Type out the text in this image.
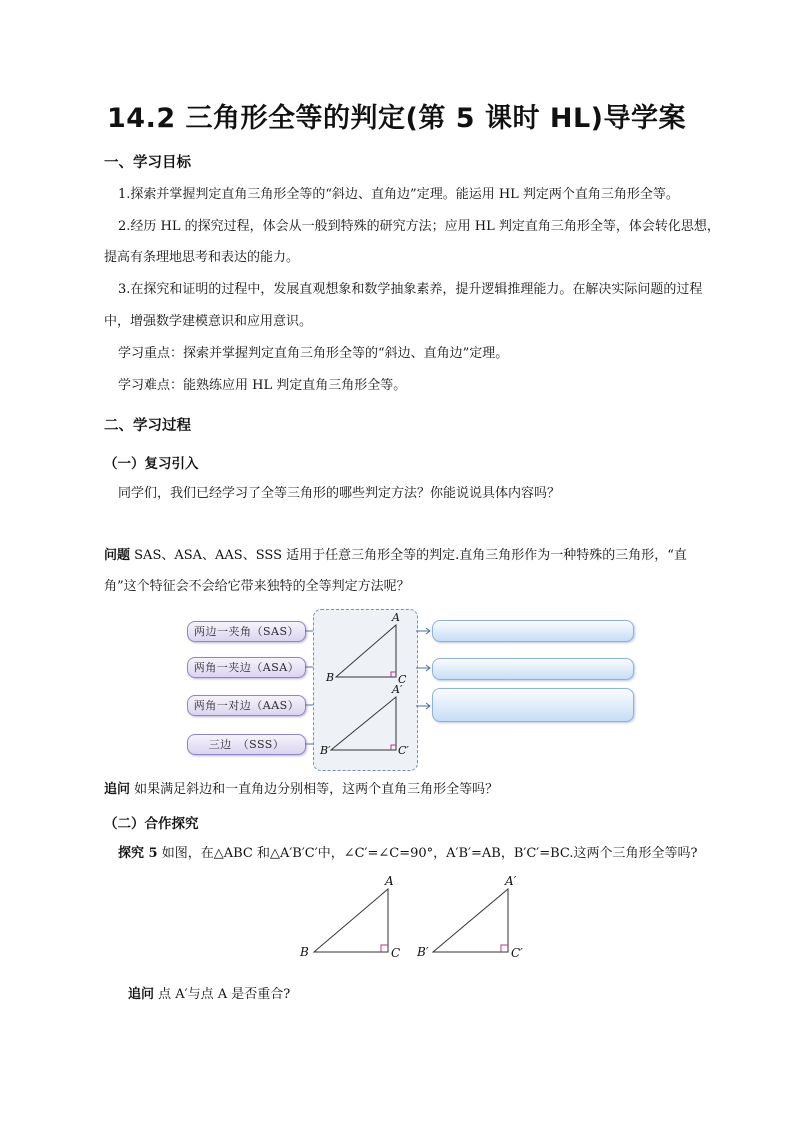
14.2 三角形全等的判定(第 5 课时 HL)导学案
一、学习目标
1.探索并掌握判定直角三角形全等的“斜边、直角边”定理。能运用 HL 判定两个直角三角形全等。
2.经历 HL 的探究过程，体会从一般到特殊的研究方法；应用 HL 判定直角三角形全等，体会转化思想，
提高有条理地思考和表达的能力。
3.在探究和证明的过程中，发展直观想象和数学抽象素养，提升逻辑推理能力。在解决实际问题的过程
中，增强数学建模意识和应用意识。
学习重点：探索并掌握判定直角三角形全等的“斜边、直角边”定理。
学习难点：能熟练应用 HL 判定直角三角形全等。
二、学习过程
（一）复习引入
同学们，我们已经学习了全等三角形的哪些判定方法？你能说说具体内容吗？
问题 SAS、ASA、AAS、SSS 适用于任意三角形全等的判定.直角三角形作为一种特殊的三角形，“直
角”这个特征会不会给它带来独特的全等判定方法呢？
两边一夹角（SAS）
两角一夹边（ASA）
两角一对边（AAS）
三边　（SSS）
A
B	C
A′
B′	C′
追问 如果满足斜边和一直角边分别相等，这两个直角三角形全等吗？
（二）合作探究
探究 5 如图，在△ABC 和△A′B′C′中，∠C′=∠C=90°，A′B′=AB，B′C′=BC.这两个三角形全等吗?
A
B	C
A′
B′	C′
追问 点 A′与点 A 是否重合?
